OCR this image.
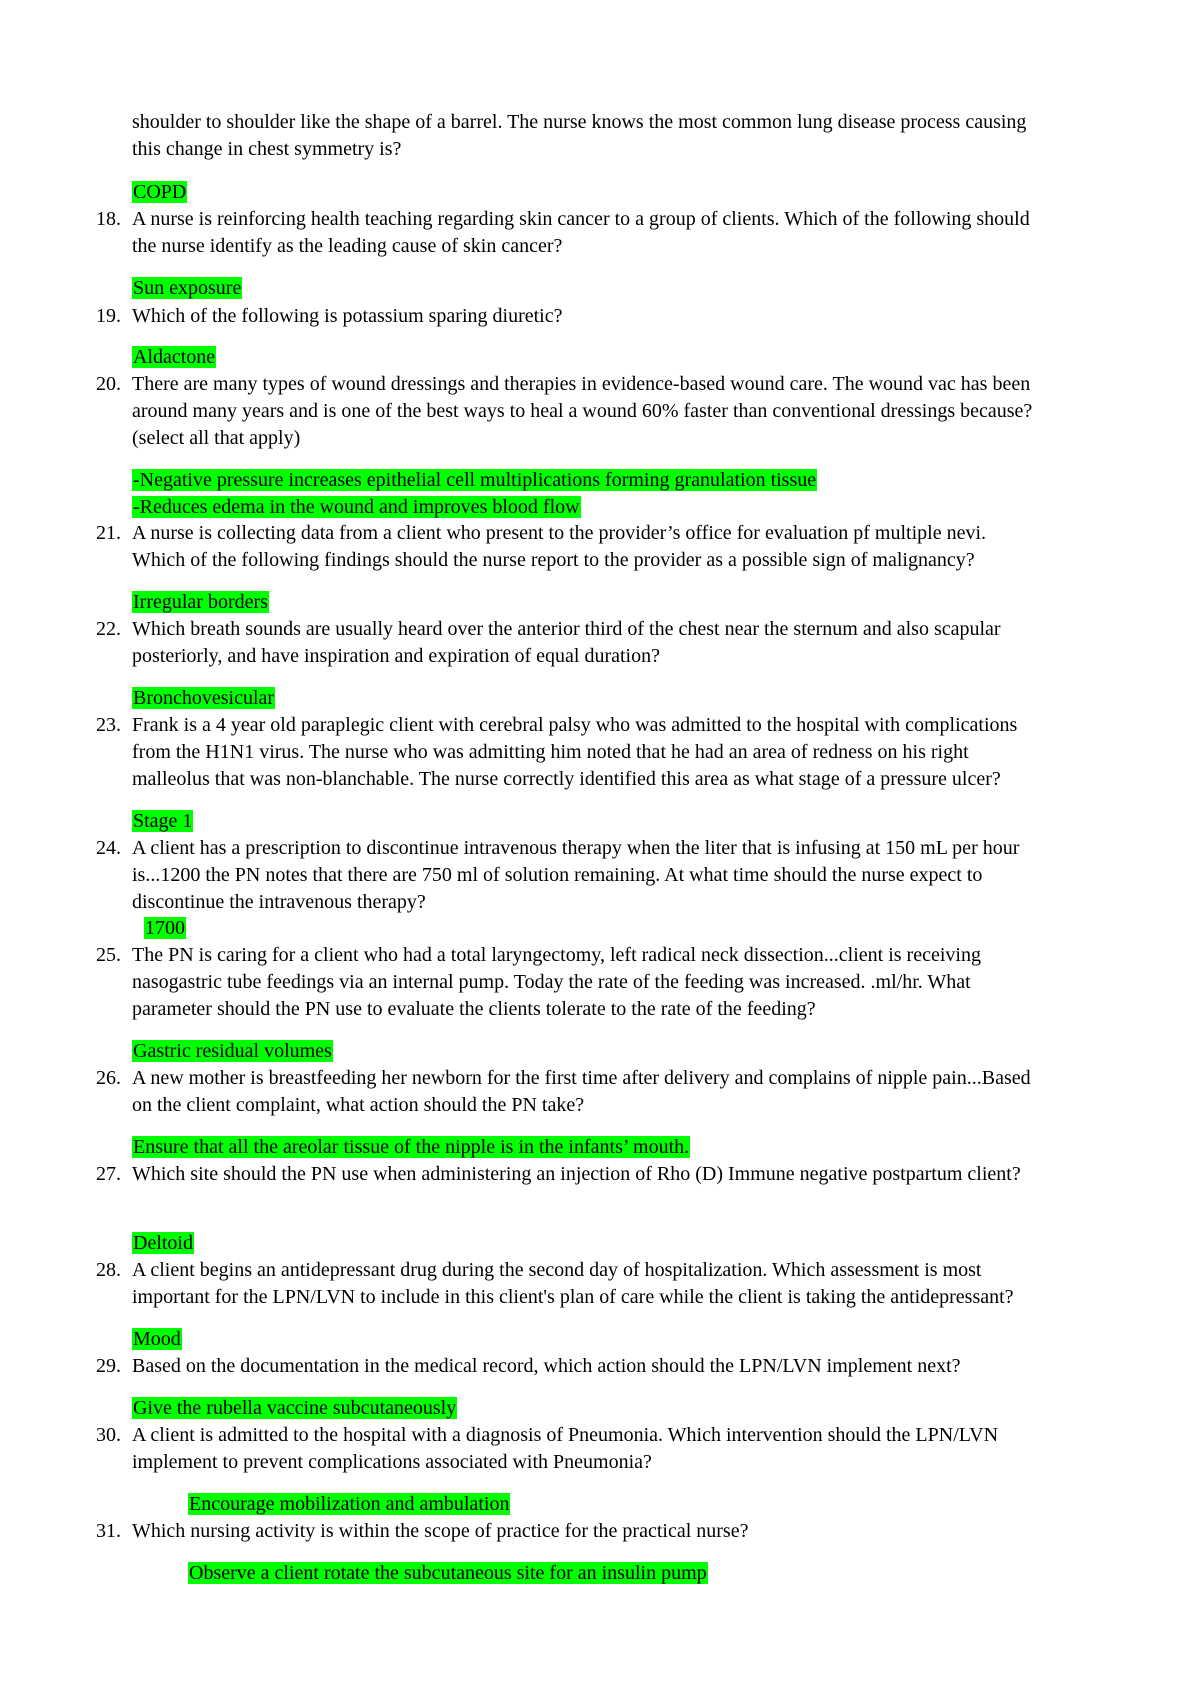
shoulder to shoulder like the shape of a barrel. The nurse knows the most common lung disease process causing
this change in chest symmetry is?
COPD
18. A nurse is reinforcing health teaching regarding skin cancer to a group of clients. Which of the following should
the nurse identify as the leading cause of skin cancer?
Sun exposure
19. Which of the following is potassium sparing diuretic?
Aldactone
20. There are many types of wound dressings and therapies in evidence-based wound care. The wound vac has been
around many years and is one of the best ways to heal a wound 60% faster than conventional dressings because?
(select all that apply)
-Negative pressure increases epithelial cell multiplications forming granulation tissue
-Reduces edema in the wound and improves blood flow
21. A nurse is collecting data from a client who present to the provider’s office for evaluation pf multiple nevi.
Which of the following findings should the nurse report to the provider as a possible sign of malignancy?
Irregular borders
22. Which breath sounds are usually heard over the anterior third of the chest near the sternum and also scapular
posteriorly, and have inspiration and expiration of equal duration?
Bronchovesicular
23. Frank is a 4 year old paraplegic client with cerebral palsy who was admitted to the hospital with complications
from the H1N1 virus. The nurse who was admitting him noted that he had an area of redness on his right
malleolus that was non-blanchable. The nurse correctly identified this area as what stage of a pressure ulcer?
Stage 1
24. A client has a prescription to discontinue intravenous therapy when the liter that is infusing at 150 mL per hour
is...1200 the PN notes that there are 750 ml of solution remaining. At what time should the nurse expect to
discontinue the intravenous therapy?
1700
25. The PN is caring for a client who had a total laryngectomy, left radical neck dissection...client is receiving
nasogastric tube feedings via an internal pump. Today the rate of the feeding was increased. .ml/hr. What
parameter should the PN use to evaluate the clients tolerate to the rate of the feeding?
Gastric residual volumes
26. A new mother is breastfeeding her newborn for the first time after delivery and complains of nipple pain...Based
on the client complaint, what action should the PN take?
Ensure that all the areolar tissue of the nipple is in the infants’ mouth.
27. Which site should the PN use when administering an injection of Rho (D) Immune negative postpartum client?
Deltoid
28. A client begins an antidepressant drug during the second day of hospitalization. Which assessment is most
important for the LPN/LVN to include in this client's plan of care while the client is taking the antidepressant?
Mood
29. Based on the documentation in the medical record, which action should the LPN/LVN implement next?
Give the rubella vaccine subcutaneously
30. A client is admitted to the hospital with a diagnosis of Pneumonia. Which intervention should the LPN/LVN
implement to prevent complications associated with Pneumonia?
Encourage mobilization and ambulation
31. Which nursing activity is within the scope of practice for the practical nurse?
Observe a client rotate the subcutaneous site for an insulin pump
